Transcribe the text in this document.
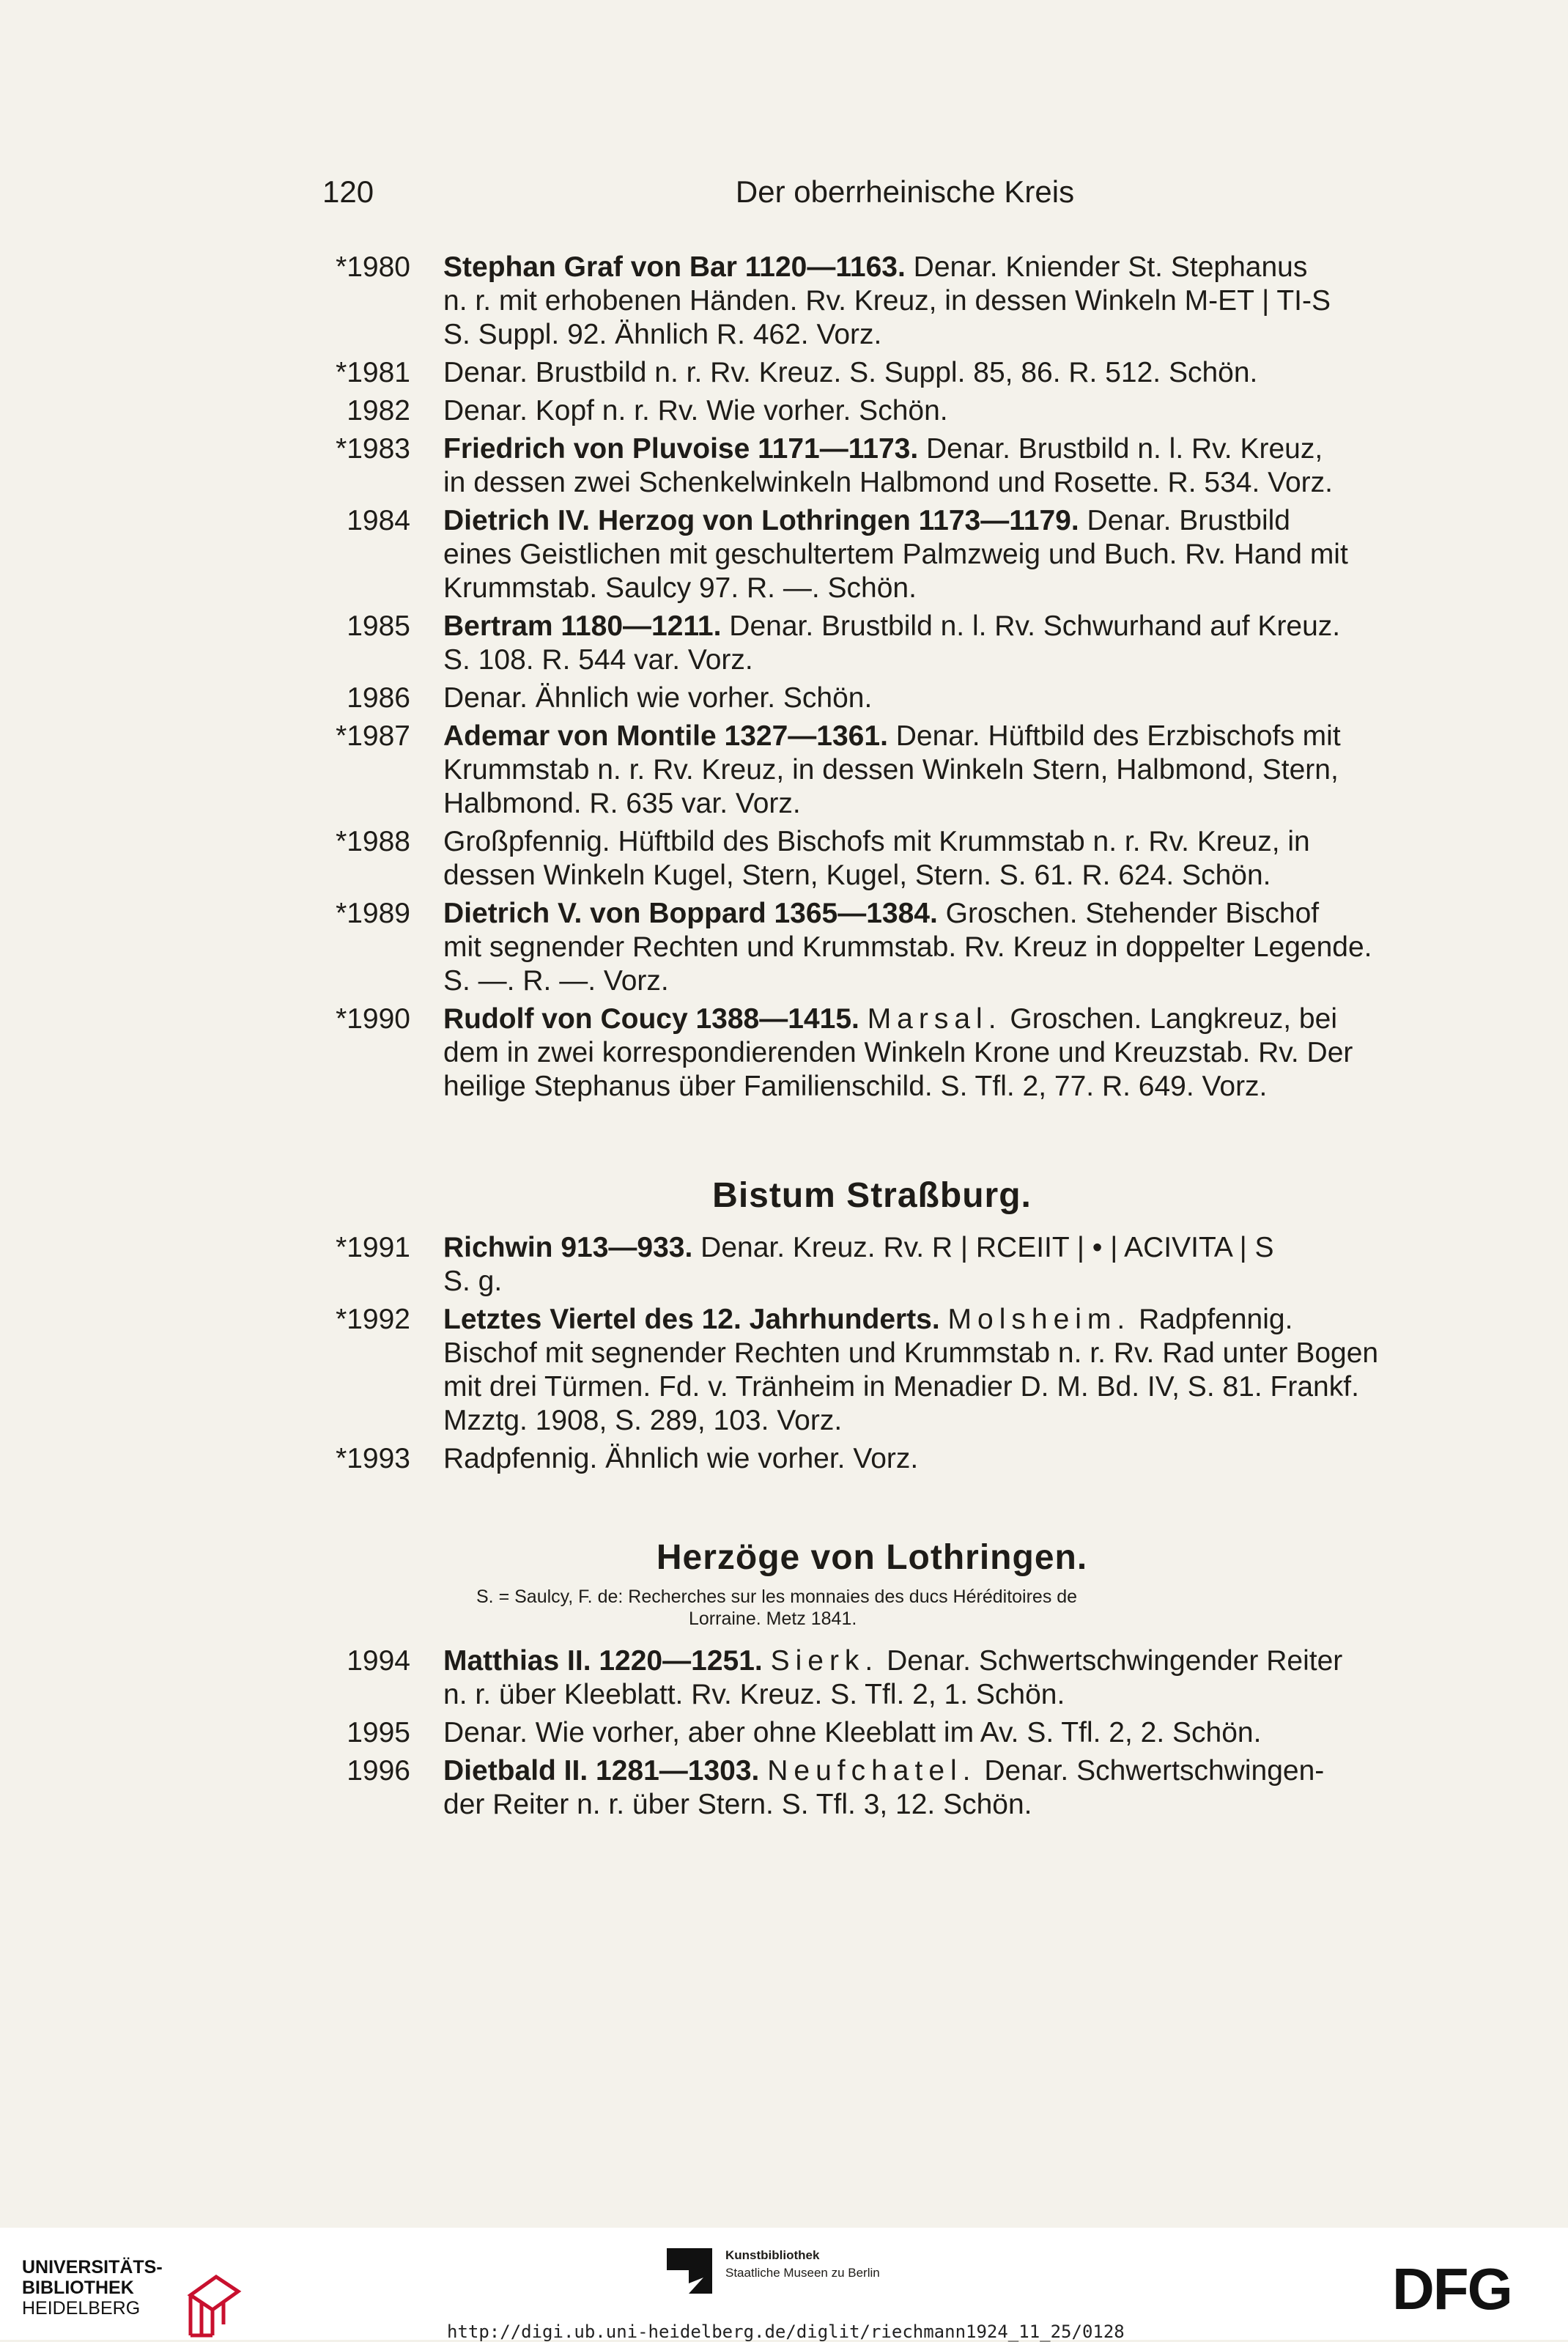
120	Der oberrheinische Kreis
*1980 Stephan Graf von Bar 1120—1163. Denar. Kniender St. Stephanus
n. r. mit erhobenen Händen. Rv. Kreuz, in dessen Winkeln M-ET | TI-S
S. Suppl. 92. Ähnlich R. 462. Vorz.
*1981 Denar. Brustbild n. r. Rv. Kreuz. S. Suppl. 85, 86. R. 512. Schön.
1982 Denar. Kopf n. r. Rv. Wie vorher. Schön.
*1983 Friedrich von Pluvoise 1171—1173. Denar. Brustbild n. l. Rv. Kreuz,
in dessen zwei Schenkelwinkeln Halbmond und Rosette. R. 534. Vorz.
1984 Dietrich IV. Herzog von Lothringen 1173—1179. Denar. Brustbild
eines Geistlichen mit geschultertem Palmzweig und Buch. Rv. Hand mit
Krummstab. Saulcy 97. R. —. Schön.
1985 Bertram 1180—1211. Denar. Brustbild n. l. Rv. Schwurhand auf Kreuz.
S. 108. R. 544 var. Vorz.
1986 Denar. Ähnlich wie vorher. Schön.
*1987 Ademar von Montile 1327—1361. Denar. Hüftbild des Erzbischofs mit
Krummstab n. r. Rv. Kreuz, in dessen Winkeln Stern, Halbmond, Stern,
Halbmond. R. 635 var. Vorz.
*1988 Großpfennig. Hüftbild des Bischofs mit Krummstab n. r. Rv. Kreuz, in
dessen Winkeln Kugel, Stern, Kugel, Stern. S. 61. R. 624. Schön.
*1989 Dietrich V. von Boppard 1365—1384. Groschen. Stehender Bischof
mit segnender Rechten und Krummstab. Rv. Kreuz in doppelter Legende.
S. —. R. —. Vorz.
*1990 Rudolf von Coucy 1388—1415. Marsal. Groschen. Langkreuz, bei
dem in zwei korrespondierenden Winkeln Krone und Kreuzstab. Rv. Der
heilige Stephanus über Familienschild. S. Tfl. 2, 77. R. 649. Vorz.
Bistum Straßburg.
*1991 Richwin 913—933. Denar. Kreuz. Rv. R | RCEIIT | • | ACIVITA | S
S. g.
*1992 Letztes Viertel des 12. Jahrhunderts. Molsheim. Radpfennig.
Bischof mit segnender Rechten und Krummstab n. r. Rv. Rad unter Bogen
mit drei Türmen. Fd. v. Tränheim in Menadier D. M. Bd. IV, S. 81. Frankf.
Mzztg. 1908, S. 289, 103. Vorz.
*1993 Radpfennig. Ähnlich wie vorher. Vorz.
Herzöge von Lothringen.
S. = Saulcy, F. de: Recherches sur les monnaies des ducs Héréditoires de
Lorraine. Metz 1841.
1994 Matthias II. 1220—1251. Sierk. Denar. Schwertschwingender Reiter
n. r. über Kleeblatt. Rv. Kreuz. S. Tfl. 2, 1. Schön.
1995 Denar. Wie vorher, aber ohne Kleeblatt im Av. S. Tfl. 2, 2. Schön.
1996 Dietbald II. 1281—1303. Neufchatel. Denar. Schwertschwingen-
der Reiter n. r. über Stern. S. Tfl. 3, 12. Schön.
UNIVERSITÄTS-
BIBLIOTHEK
HEIDELBERG
Kunstbibliothek
Staatliche Museen zu Berlin	DFG
http://digi.ub.uni-heidelberg.de/diglit/riechmann1924_11_25/0128
